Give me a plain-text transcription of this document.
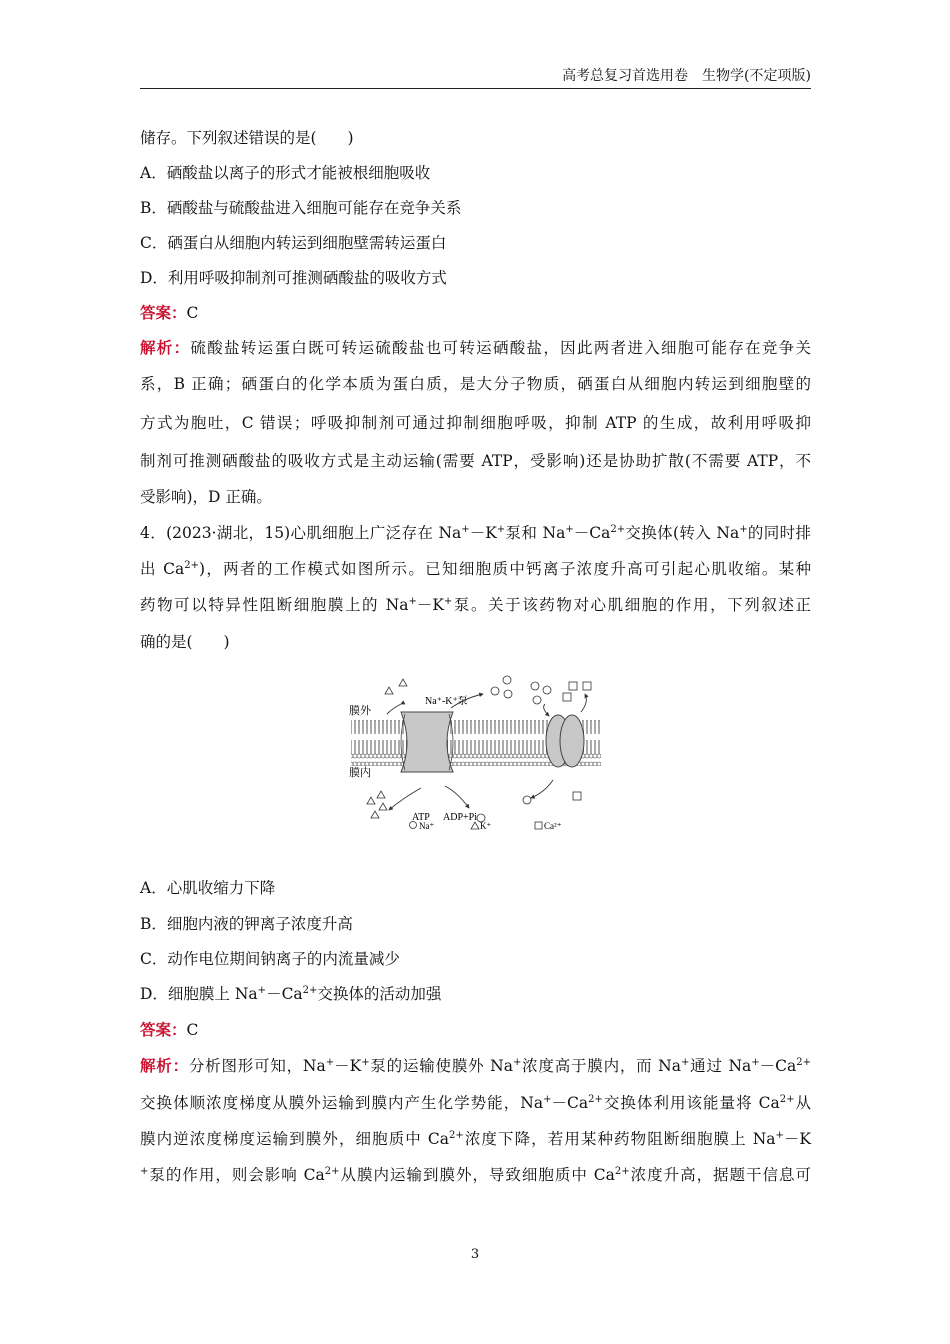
高考总复习首选用卷　生物学(不定项版)
储存。下列叙述错误的是(　　)
A．硒酸盐以离子的形式才能被根细胞吸收
B．硒酸盐与硫酸盐进入细胞可能存在竞争关系
C．硒蛋白从细胞内转运到细胞壁需转运蛋白
D．利用呼吸抑制剂可推测硒酸盐的吸收方式
答案：C
解析：硫酸盐转运蛋白既可转运硫酸盐也可转运硒酸盐，因此两者进入细胞可能存在竞争关
系，B 正确；硒蛋白的化学本质为蛋白质，是大分子物质，硒蛋白从细胞内转运到细胞壁的
方式为胞吐，C 错误；呼吸抑制剂可通过抑制细胞呼吸，抑制 ATP 的生成，故利用呼吸抑
制剂可推测硒酸盐的吸收方式是主动运输(需要 ATP，受影响)还是协助扩散(不需要 ATP，不
受影响)，D 正确。
4．(2023·湖北，15)心肌细胞上广泛存在 Na+－K+泵和 $Na^+-Ca^{2+}$交换体(转入 Na+的同时排
出 $Ca^{2+}$)，两者的工作模式如图所示。已知细胞质中钙离子浓度升高可引起心肌收缩。某种
药物可以特异性阻断细胞膜上的 Na+－K+泵。关于该药物对心肌细胞的作用，下列叙述正
确的是(　　)
膜外
膜内
Na⁺-K⁺泵
ATP ADP+Pi
Na⁺	K⁺	Ca²⁺
A．心肌收缩力下降
B．细胞内液的钾离子浓度升高
C．动作电位期间钠离子的内流量减少
D．细胞膜上 $Na^+-Ca^{2+}$交换体的活动加强
答案：C
解析：分析图形可知，Na+－K+泵的运输使膜外 Na+浓度高于膜内，而 Na+通过 $Na^+-Ca^{2+}$
交换体顺浓度梯度从膜外运输到膜内产生化学势能，$Na^+-Ca^{2+}$交换体利用该能量将 $Ca^{2+}$从
膜内逆浓度梯度运输到膜外，细胞质中 $Ca^{2+}$浓度下降，若用某种药物阻断细胞膜上 Na+－K
+泵的作用，则会影响 $Ca^{2+}$从膜内运输到膜外，导致细胞质中 $Ca^{2+}$浓度升高，据题干信息可
3
